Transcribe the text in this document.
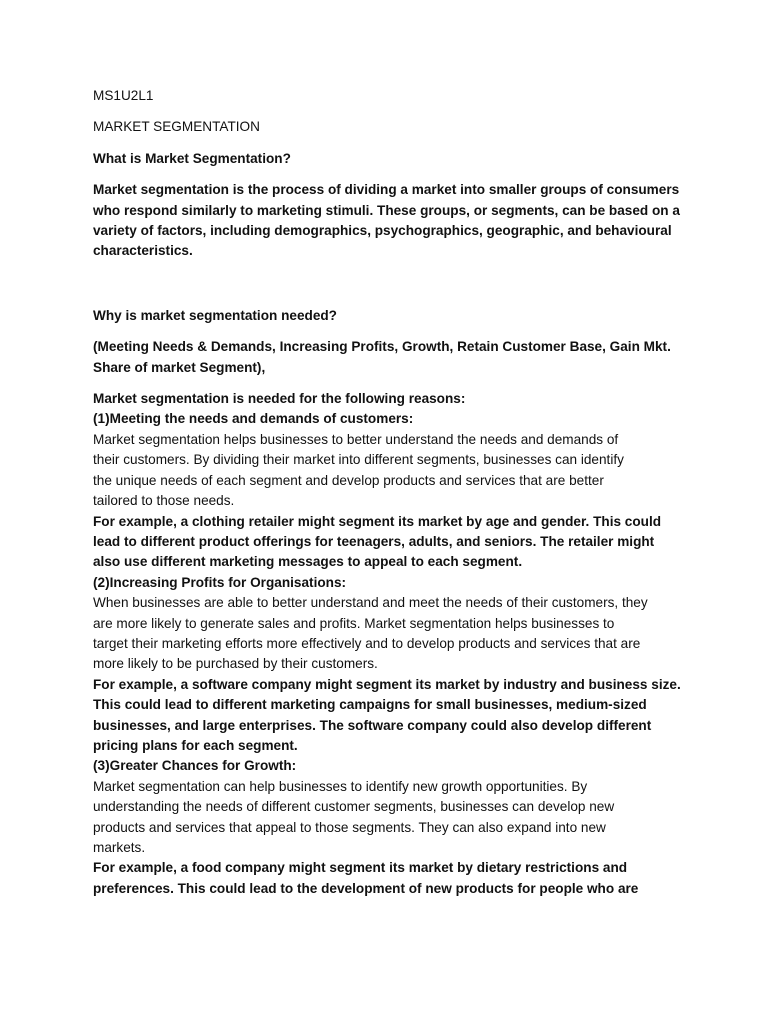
MS1U2L1
MARKET SEGMENTATION
What is Market Segmentation?
Market segmentation is the process of dividing a market into smaller groups of consumers
who respond similarly to marketing stimuli. These groups, or segments, can be based on a
variety of factors, including demographics, psychographics, geographic, and behavioural
characteristics.
Why is market segmentation needed?
(Meeting Needs & Demands, Increasing Profits, Growth, Retain Customer Base, Gain Mkt.
Share of market Segment),
Market segmentation is needed for the following reasons:
(1)Meeting the needs and demands of customers:
Market segmentation helps businesses to better understand the needs and demands of
their customers. By dividing their market into different segments, businesses can identify
the unique needs of each segment and develop products and services that are better
tailored to those needs.
For example, a clothing retailer might segment its market by age and gender. This could
lead to different product offerings for teenagers, adults, and seniors. The retailer might
also use different marketing messages to appeal to each segment.
(2)Increasing Profits for Organisations:
When businesses are able to better understand and meet the needs of their customers, they
are more likely to generate sales and profits. Market segmentation helps businesses to
target their marketing efforts more effectively and to develop products and services that are
more likely to be purchased by their customers.
For example, a software company might segment its market by industry and business size.
This could lead to different marketing campaigns for small businesses, medium-sized
businesses, and large enterprises. The software company could also develop different
pricing plans for each segment.
(3)Greater Chances for Growth:
Market segmentation can help businesses to identify new growth opportunities. By
understanding the needs of different customer segments, businesses can develop new
products and services that appeal to those segments. They can also expand into new
markets.
For example, a food company might segment its market by dietary restrictions and
preferences. This could lead to the development of new products for people who are
